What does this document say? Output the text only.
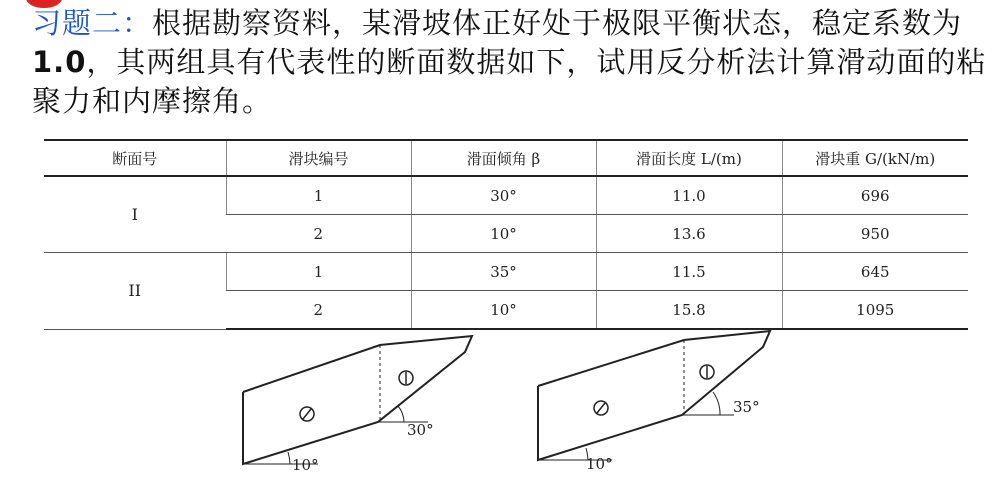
习题二：根据勘察资料，某滑坡体正好处于极限平衡状态，稳定系数为1.0，其两组具有代表性的断面数据如下，试用反分析法计算滑动面的粘聚力和内摩擦角。
断面号	滑块编号	滑面倾角 β	滑面长度 L/(m)	滑块重 G/(kN/m)
I	1	30°	11.0	696
	2	10°	13.6	950
II	1	35°	11.5	645
	2	10°	15.8	1095
30°
10°
35°
10°
